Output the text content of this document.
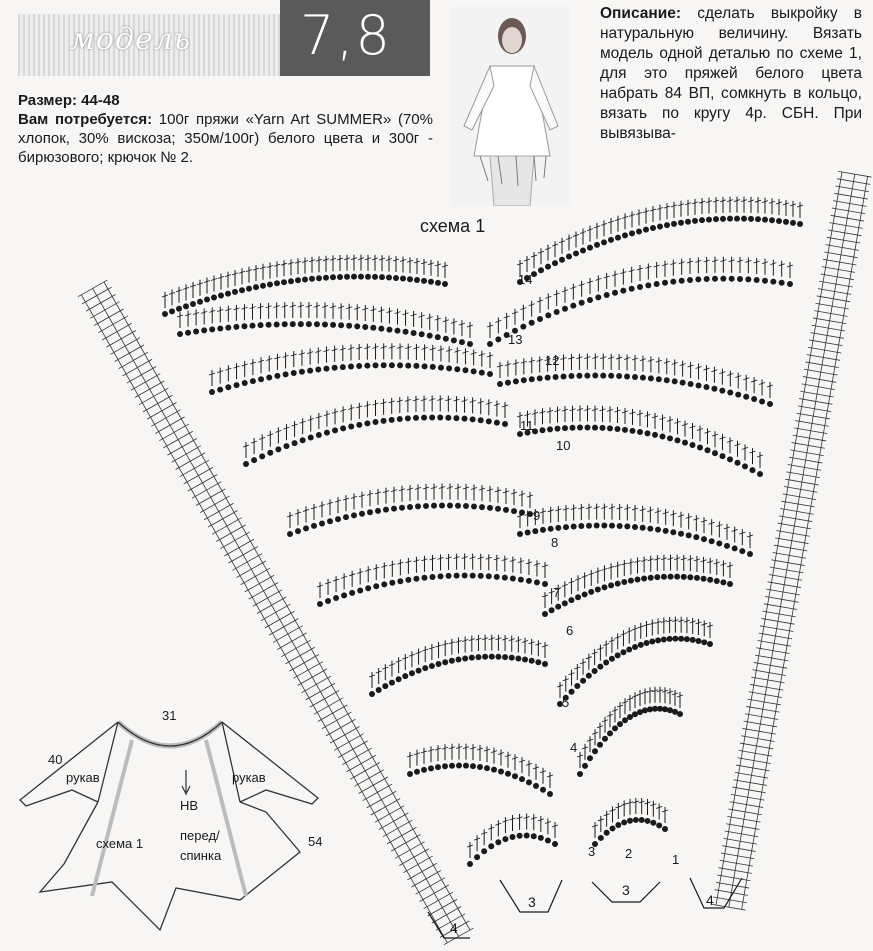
модель 7,8
Размер: 44-48
Вам потребуется: 100г пряжи «Yarn Art SUMMER» (70% хлопок, 30% вискоза; 350м/100г) белого цвета и 300г - бирюзового; крючок № 2.
Описание: сделать выкройку в натуральную величину. Вязать модель одной деталью по схеме 1, для это пряжей белого цвета набрать 84 ВП, сомкнуть в кольцо, вязать по кругу 4р. СБН. При вывязыва-
схема 1
1
2
3
4
5
6
7
8
9
10
11
12
13
14
4
3
3
4
31
40
54
рукав	рукав
НВ
схема 1
перед/
спинка
